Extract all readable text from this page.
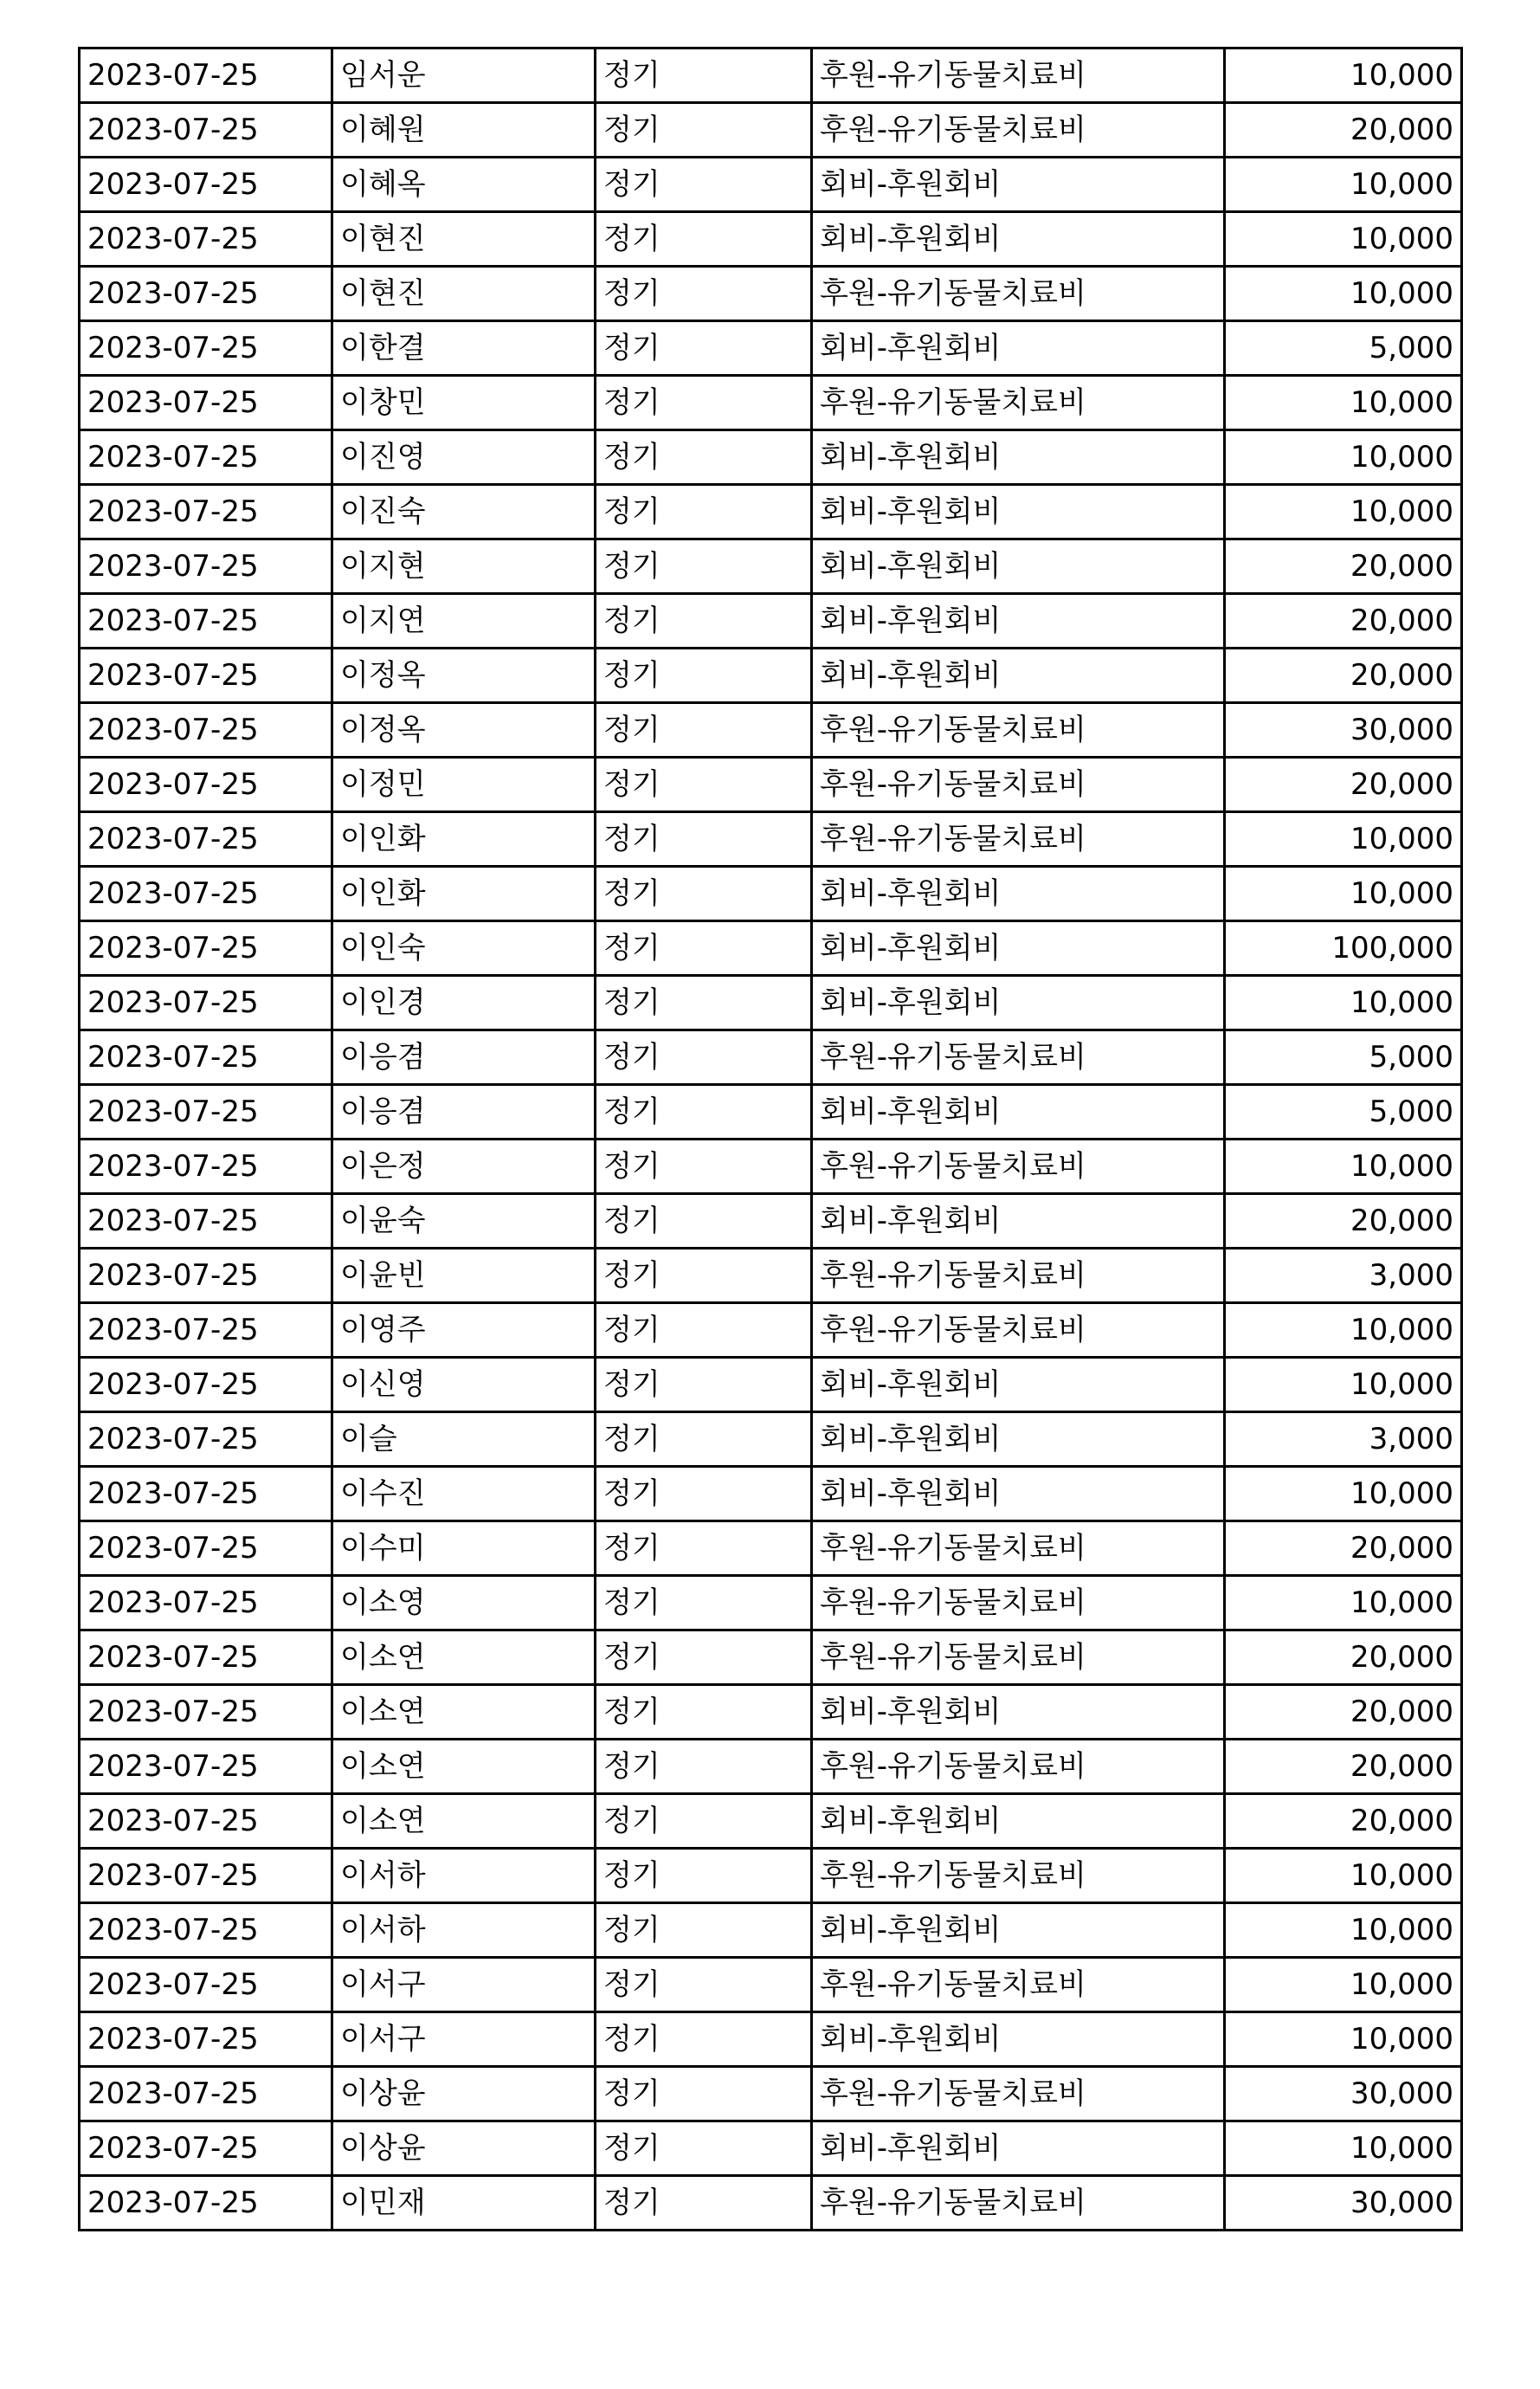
2023-07-25	임서운	정기	후원-유기동물치료비	10,000
2023-07-25	이혜원	정기	후원-유기동물치료비	20,000
2023-07-25	이혜옥	정기	회비-후원회비	10,000
2023-07-25	이현진	정기	회비-후원회비	10,000
2023-07-25	이현진	정기	후원-유기동물치료비	10,000
2023-07-25	이한결	정기	회비-후원회비	5,000
2023-07-25	이창민	정기	후원-유기동물치료비	10,000
2023-07-25	이진영	정기	회비-후원회비	10,000
2023-07-25	이진숙	정기	회비-후원회비	10,000
2023-07-25	이지현	정기	회비-후원회비	20,000
2023-07-25	이지연	정기	회비-후원회비	20,000
2023-07-25	이정옥	정기	회비-후원회비	20,000
2023-07-25	이정옥	정기	후원-유기동물치료비	30,000
2023-07-25	이정민	정기	후원-유기동물치료비	20,000
2023-07-25	이인화	정기	후원-유기동물치료비	10,000
2023-07-25	이인화	정기	회비-후원회비	10,000
2023-07-25	이인숙	정기	회비-후원회비	100,000
2023-07-25	이인경	정기	회비-후원회비	10,000
2023-07-25	이응겸	정기	후원-유기동물치료비	5,000
2023-07-25	이응겸	정기	회비-후원회비	5,000
2023-07-25	이은정	정기	후원-유기동물치료비	10,000
2023-07-25	이윤숙	정기	회비-후원회비	20,000
2023-07-25	이윤빈	정기	후원-유기동물치료비	3,000
2023-07-25	이영주	정기	후원-유기동물치료비	10,000
2023-07-25	이신영	정기	회비-후원회비	10,000
2023-07-25	이슬	정기	회비-후원회비	3,000
2023-07-25	이수진	정기	회비-후원회비	10,000
2023-07-25	이수미	정기	후원-유기동물치료비	20,000
2023-07-25	이소영	정기	후원-유기동물치료비	10,000
2023-07-25	이소연	정기	후원-유기동물치료비	20,000
2023-07-25	이소연	정기	회비-후원회비	20,000
2023-07-25	이소연	정기	후원-유기동물치료비	20,000
2023-07-25	이소연	정기	회비-후원회비	20,000
2023-07-25	이서하	정기	후원-유기동물치료비	10,000
2023-07-25	이서하	정기	회비-후원회비	10,000
2023-07-25	이서구	정기	후원-유기동물치료비	10,000
2023-07-25	이서구	정기	회비-후원회비	10,000
2023-07-25	이상윤	정기	후원-유기동물치료비	30,000
2023-07-25	이상윤	정기	회비-후원회비	10,000
2023-07-25	이민재	정기	후원-유기동물치료비	30,000
